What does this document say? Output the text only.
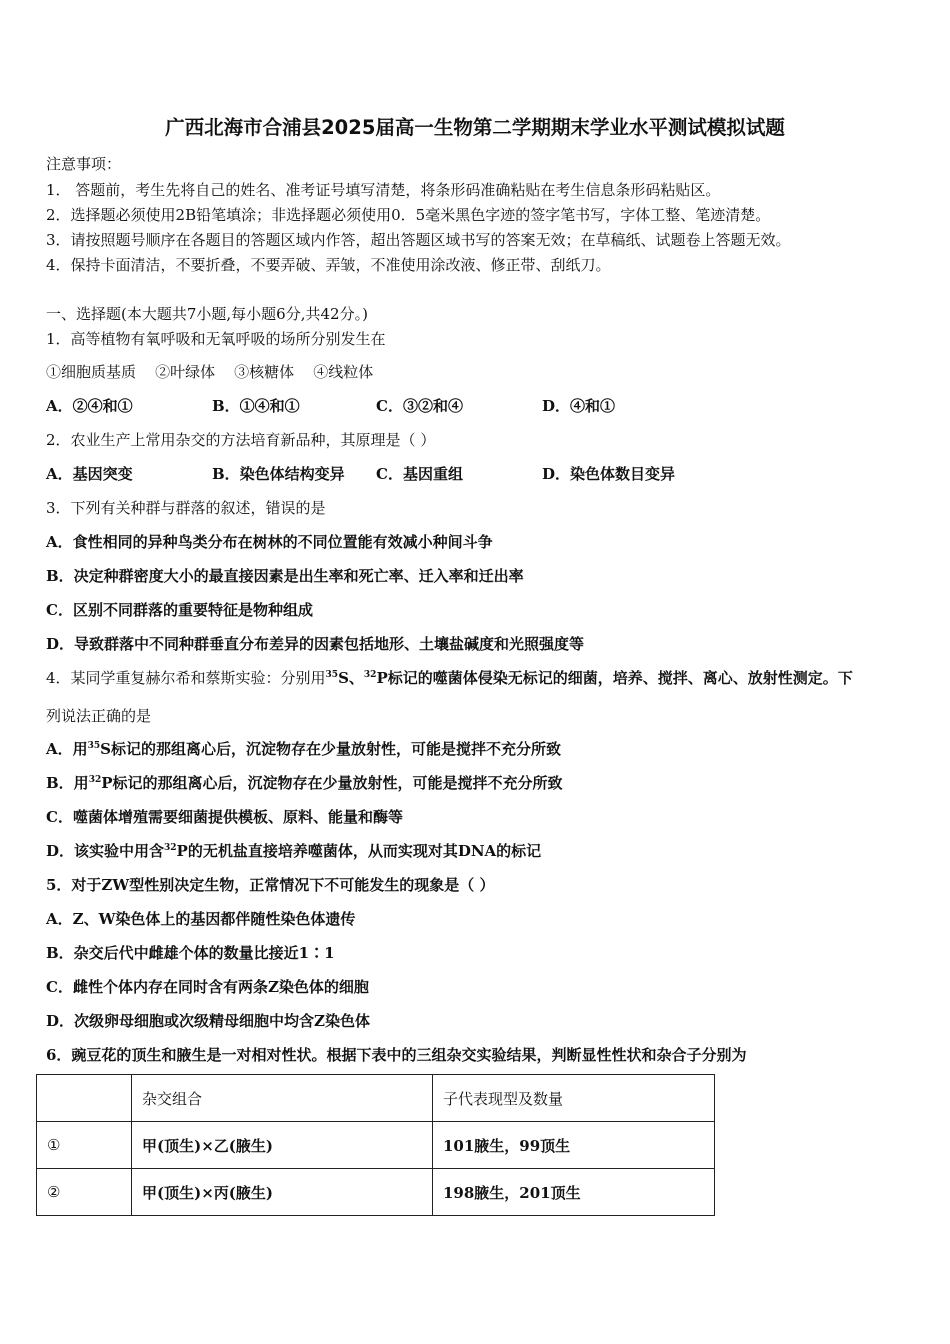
广西北海市合浦县2025届高一生物第二学期期末学业水平测试模拟试题
注意事项：
1． 答题前，考生先将自己的姓名、准考证号填写清楚，将条形码准确粘贴在考生信息条形码粘贴区。
2．选择题必须使用2B铅笔填涂；非选择题必须使用0．5毫米黑色字迹的签字笔书写，字体工整、笔迹清楚。
3．请按照题号顺序在各题目的答题区域内作答，超出答题区域书写的答案无效；在草稿纸、试题卷上答题无效。
4．保持卡面清洁，不要折叠，不要弄破、弄皱，不准使用涂改液、修正带、刮纸刀。
一、选择题(本大题共7小题,每小题6分,共42分。)
1．高等植物有氧呼吸和无氧呼吸的场所分别发生在
①细胞质基质    ②叶绿体    ③核糖体    ④线粒体
A．②④和①	B．①④和①	C．③②和④	D．④和①
2．农业生产上常用杂交的方法培育新品种，其原理是（ ）
A．基因突变	B．染色体结构变异 C．基因重组	D．染色体数目变异
3．下列有关种群与群落的叙述，错误的是
A．食性相同的异种鸟类分布在树林的不同位置能有效减小种间斗争
B．决定种群密度大小的最直接因素是出生率和死亡率、迁入率和迁出率
C．区别不同群落的重要特征是物种组成
D．导致群落中不同种群垂直分布差异的因素包括地形、土壤盐碱度和光照强度等
4．某同学重复赫尔希和蔡斯实验：分别用$^{35}$S、$^{32}$P标记的噬菌体侵染无标记的细菌，培养、搅拌、离心、放射性测定。下
列说法正确的是
A．用$^{35}$S标记的那组离心后，沉淀物存在少量放射性，可能是搅拌不充分所致
B．用$^{32}$P标记的那组离心后，沉淀物存在少量放射性，可能是搅拌不充分所致
C．噬菌体增殖需要细菌提供模板、原料、能量和酶等
D．该实验中用含$^{32}$P的无机盐直接培养噬菌体，从而实现对其DNA的标记
5．对于ZW型性别决定生物，正常情况下不可能发生的现象是（ ）
A．Z、W染色体上的基因都伴随性染色体遗传
B．杂交后代中雌雄个体的数量比接近1∶1
C．雌性个体内存在同时含有两条Z染色体的细胞
D．次级卵母细胞或次级精母细胞中均含Z染色体
6．豌豆花的顶生和腋生是一对相对性状。根据下表中的三组杂交实验结果，判断显性性状和杂合子分别为
	杂交组合	子代表现型及数量
①	甲(顶生)×乙(腋生)	101腋生，99顶生
②	甲(顶生)×丙(腋生)	198腋生，201顶生
